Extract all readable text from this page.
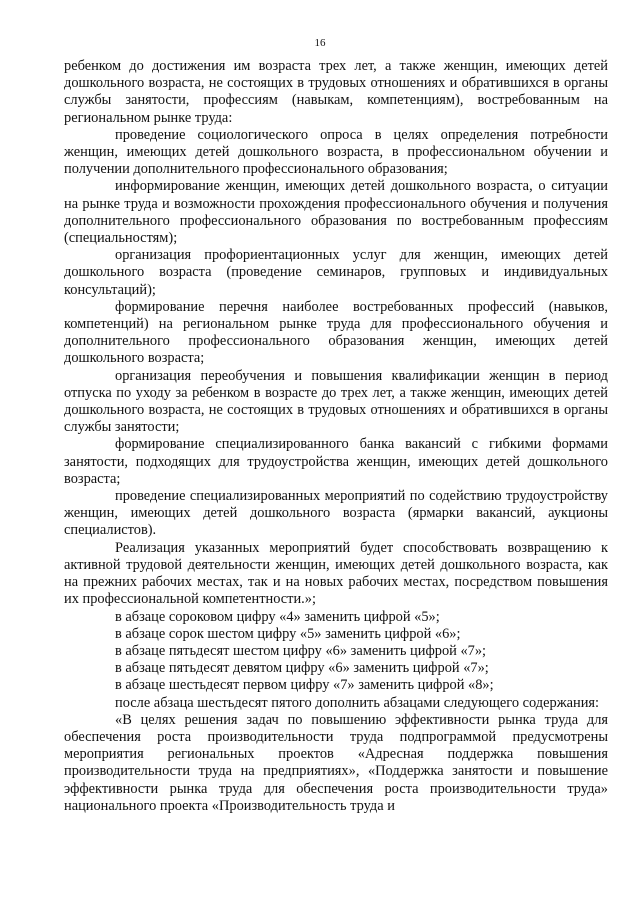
16

ребенком до достижения им возраста трех лет, а также женщин, имеющих детей дошкольного возраста, не состоящих в трудовых отношениях и обратившихся в органы службы занятости, профессиям (навыкам, компетенциям), востребованным на региональном рынке труда:

проведение социологического опроса в целях определения потребности женщин, имеющих детей дошкольного возраста, в профессиональном обучении и получении дополнительного профессионального образования;

информирование женщин, имеющих детей дошкольного возраста, о ситуации на рынке труда и возможности прохождения профессионального обучения и получения дополнительного профессионального образования по востребованным профессиям (специальностям);

организация профориентационных услуг для женщин, имеющих детей дошкольного возраста (проведение семинаров, групповых и индивидуальных консультаций);

формирование перечня наиболее востребованных профессий (навыков, компетенций) на региональном рынке труда для профессионального обучения и дополнительного профессионального образования женщин, имеющих детей дошкольного возраста;

организация переобучения и повышения квалификации женщин в период отпуска по уходу за ребенком в возрасте до трех лет, а также женщин, имеющих детей дошкольного возраста, не состоящих в трудовых отношениях и обратившихся в органы службы занятости;

формирование специализированного банка вакансий с гибкими формами занятости, подходящих для трудоустройства женщин, имеющих детей дошкольного возраста;

проведение специализированных мероприятий по содействию трудоустройству женщин, имеющих детей дошкольного возраста (ярмарки вакансий, аукционы специалистов).

Реализация указанных мероприятий будет способствовать возвращению к активной трудовой деятельности женщин, имеющих детей дошкольного возраста, как на прежних рабочих местах, так и на новых рабочих местах, посредством повышения их профессиональной компетентности.»;

в абзаце сороковом цифру «4» заменить цифрой «5»;

в абзаце сорок шестом цифру «5» заменить цифрой «6»;

в абзаце пятьдесят шестом цифру «6» заменить цифрой «7»;

в абзаце пятьдесят девятом цифру «6» заменить цифрой «7»;

в абзаце шестьдесят первом цифру «7» заменить цифрой «8»;

после абзаца шестьдесят пятого дополнить абзацами следующего содержания:

«В целях решения задач по повышению эффективности рынка труда для обеспечения роста производительности труда подпрограммой предусмотрены мероприятия региональных проектов «Адресная поддержка повышения производительности труда на предприятиях», «Поддержка занятости и повышение эффективности рынка труда для обеспечения роста производительности труда» национального проекта «Производительность труда и
